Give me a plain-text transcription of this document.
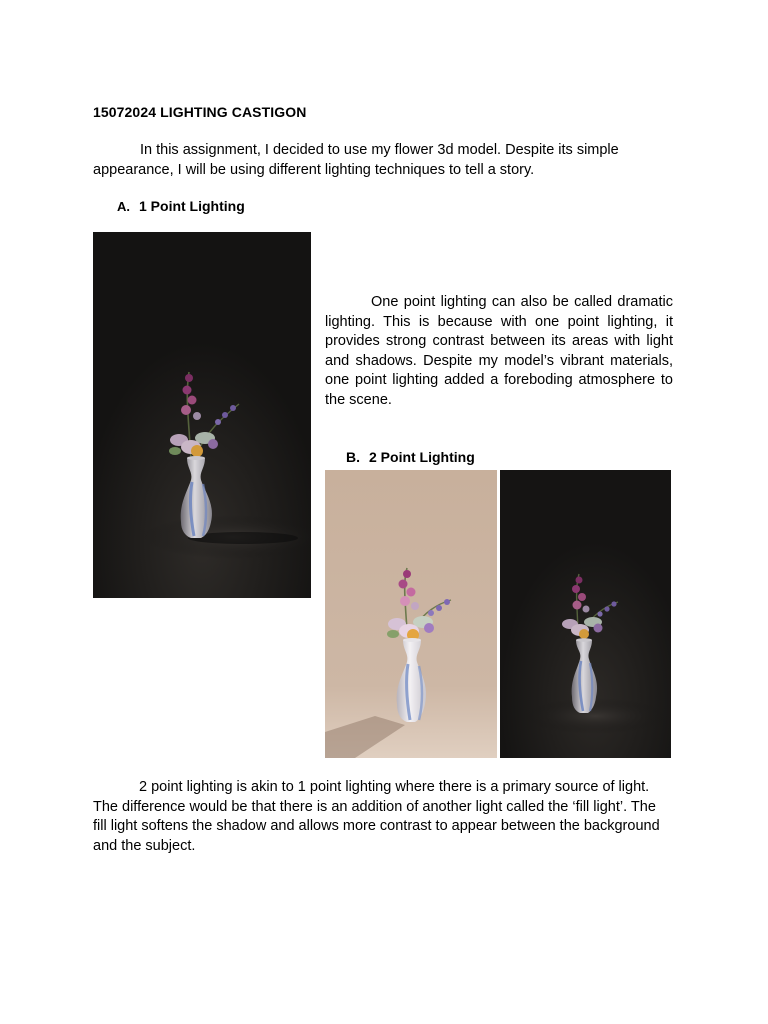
15072024 LIGHTING CASTIGON

In this assignment, I decided to use my flower 3d model. Despite its simple appearance, I will be using different lighting techniques to tell a story.

A. 1 Point Lighting

One point lighting can also be called dramatic lighting. This is because with one point lighting, it provides strong contrast between its areas with light and shadows. Despite my model’s vibrant materials, one point lighting added a foreboding atmosphere to the scene.

B. 2 Point Lighting

2 point lighting is akin to 1 point lighting where there is a primary source of light. The difference would be that there is an addition of another light called the ‘fill light’. The fill light softens the shadow and allows more contrast to appear between the background and the subject.
